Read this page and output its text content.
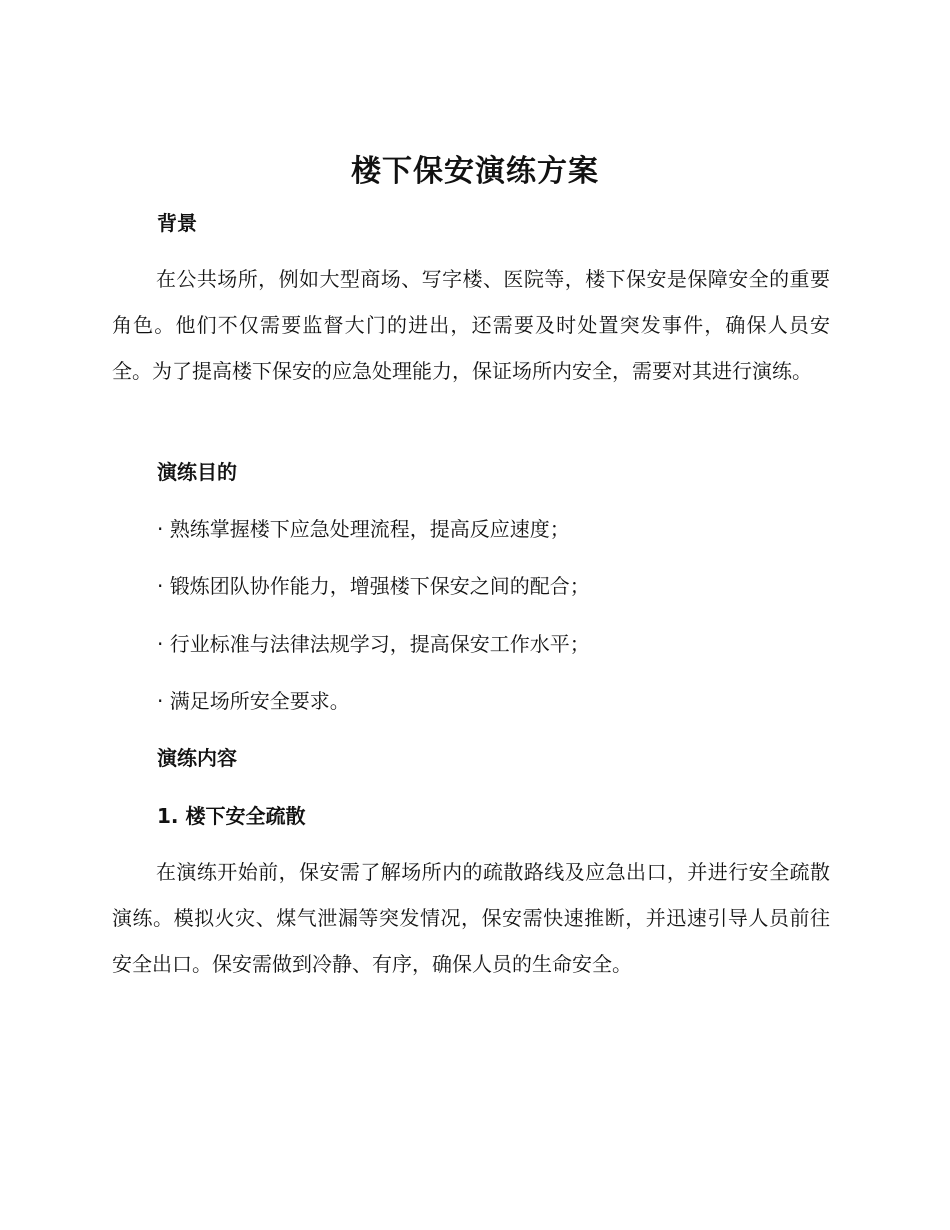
楼下保安演练方案
背景

在公共场所，例如大型商场、写字楼、医院等，楼下保安是保障安全的重要角色。他们不仅需要监督大门的进出，还需要及时处置突发事件，确保人员安全。为了提高楼下保安的应急处理能力，保证场所内安全，需要对其进行演练。

演练目的
· 熟练掌握楼下应急处理流程，提高反应速度；
· 锻炼团队协作能力，增强楼下保安之间的配合；
· 行业标准与法律法规学习，提高保安工作水平；
· 满足场所安全要求。
演练内容
1. 楼下安全疏散

在演练开始前，保安需了解场所内的疏散路线及应急出口，并进行安全疏散演练。模拟火灾、煤气泄漏等突发情况，保安需快速推断，并迅速引导人员前往安全出口。保安需做到冷静、有序，确保人员的生命安全。
